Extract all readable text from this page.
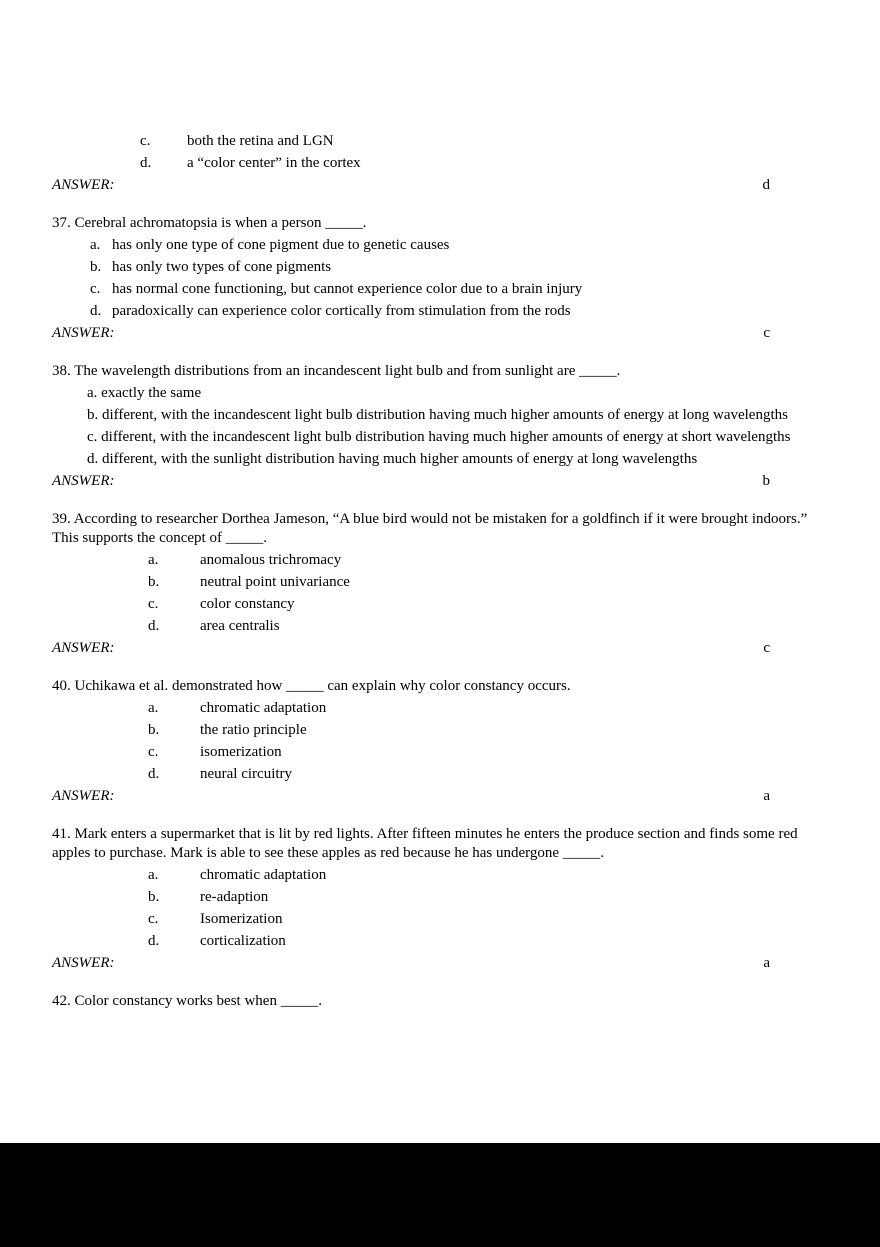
c. both the retina and LGN
d. a “color center” in the cortex
ANSWER:	d

37. Cerebral achromatopsia is when a person _____.

a. has only one type of cone pigment due to genetic causes
b. has only two types of cone pigments
c. has normal cone functioning, but cannot experience color due to a brain injury
d. paradoxically can experience color cortically from stimulation from the rods
ANSWER:	c

38. The wavelength distributions from an incandescent light bulb and from sunlight are _____.

a. exactly the same
b. different, with the incandescent light bulb distribution having much higher amounts of energy at long wavelengths
c. different, with the incandescent light bulb distribution having much higher amounts of energy at short wavelengths
d. different, with the sunlight distribution having much higher amounts of energy at long wavelengths
ANSWER:	b

39. According to researcher Dorthea Jameson, “A blue bird would not be mistaken for a goldfinch if it were brought indoors.” This supports the concept of _____.

a.	anomalous trichromacy
b.	neutral point univariance
c.	color constancy
d.	area centralis
ANSWER:	c

40. Uchikawa et al. demonstrated how _____ can explain why color constancy occurs.

a.	chromatic adaptation
b.	the ratio principle
c.	isomerization
d.	neural circuitry
ANSWER:	a

41. Mark enters a supermarket that is lit by red lights. After fifteen minutes he enters the produce section and finds some red apples to purchase. Mark is able to see these apples as red because he has undergone _____.

a.	chromatic adaptation
b.	re-adaption
c.	Isomerization
d.	corticalization
ANSWER:	a

42. Color constancy works best when _____.
